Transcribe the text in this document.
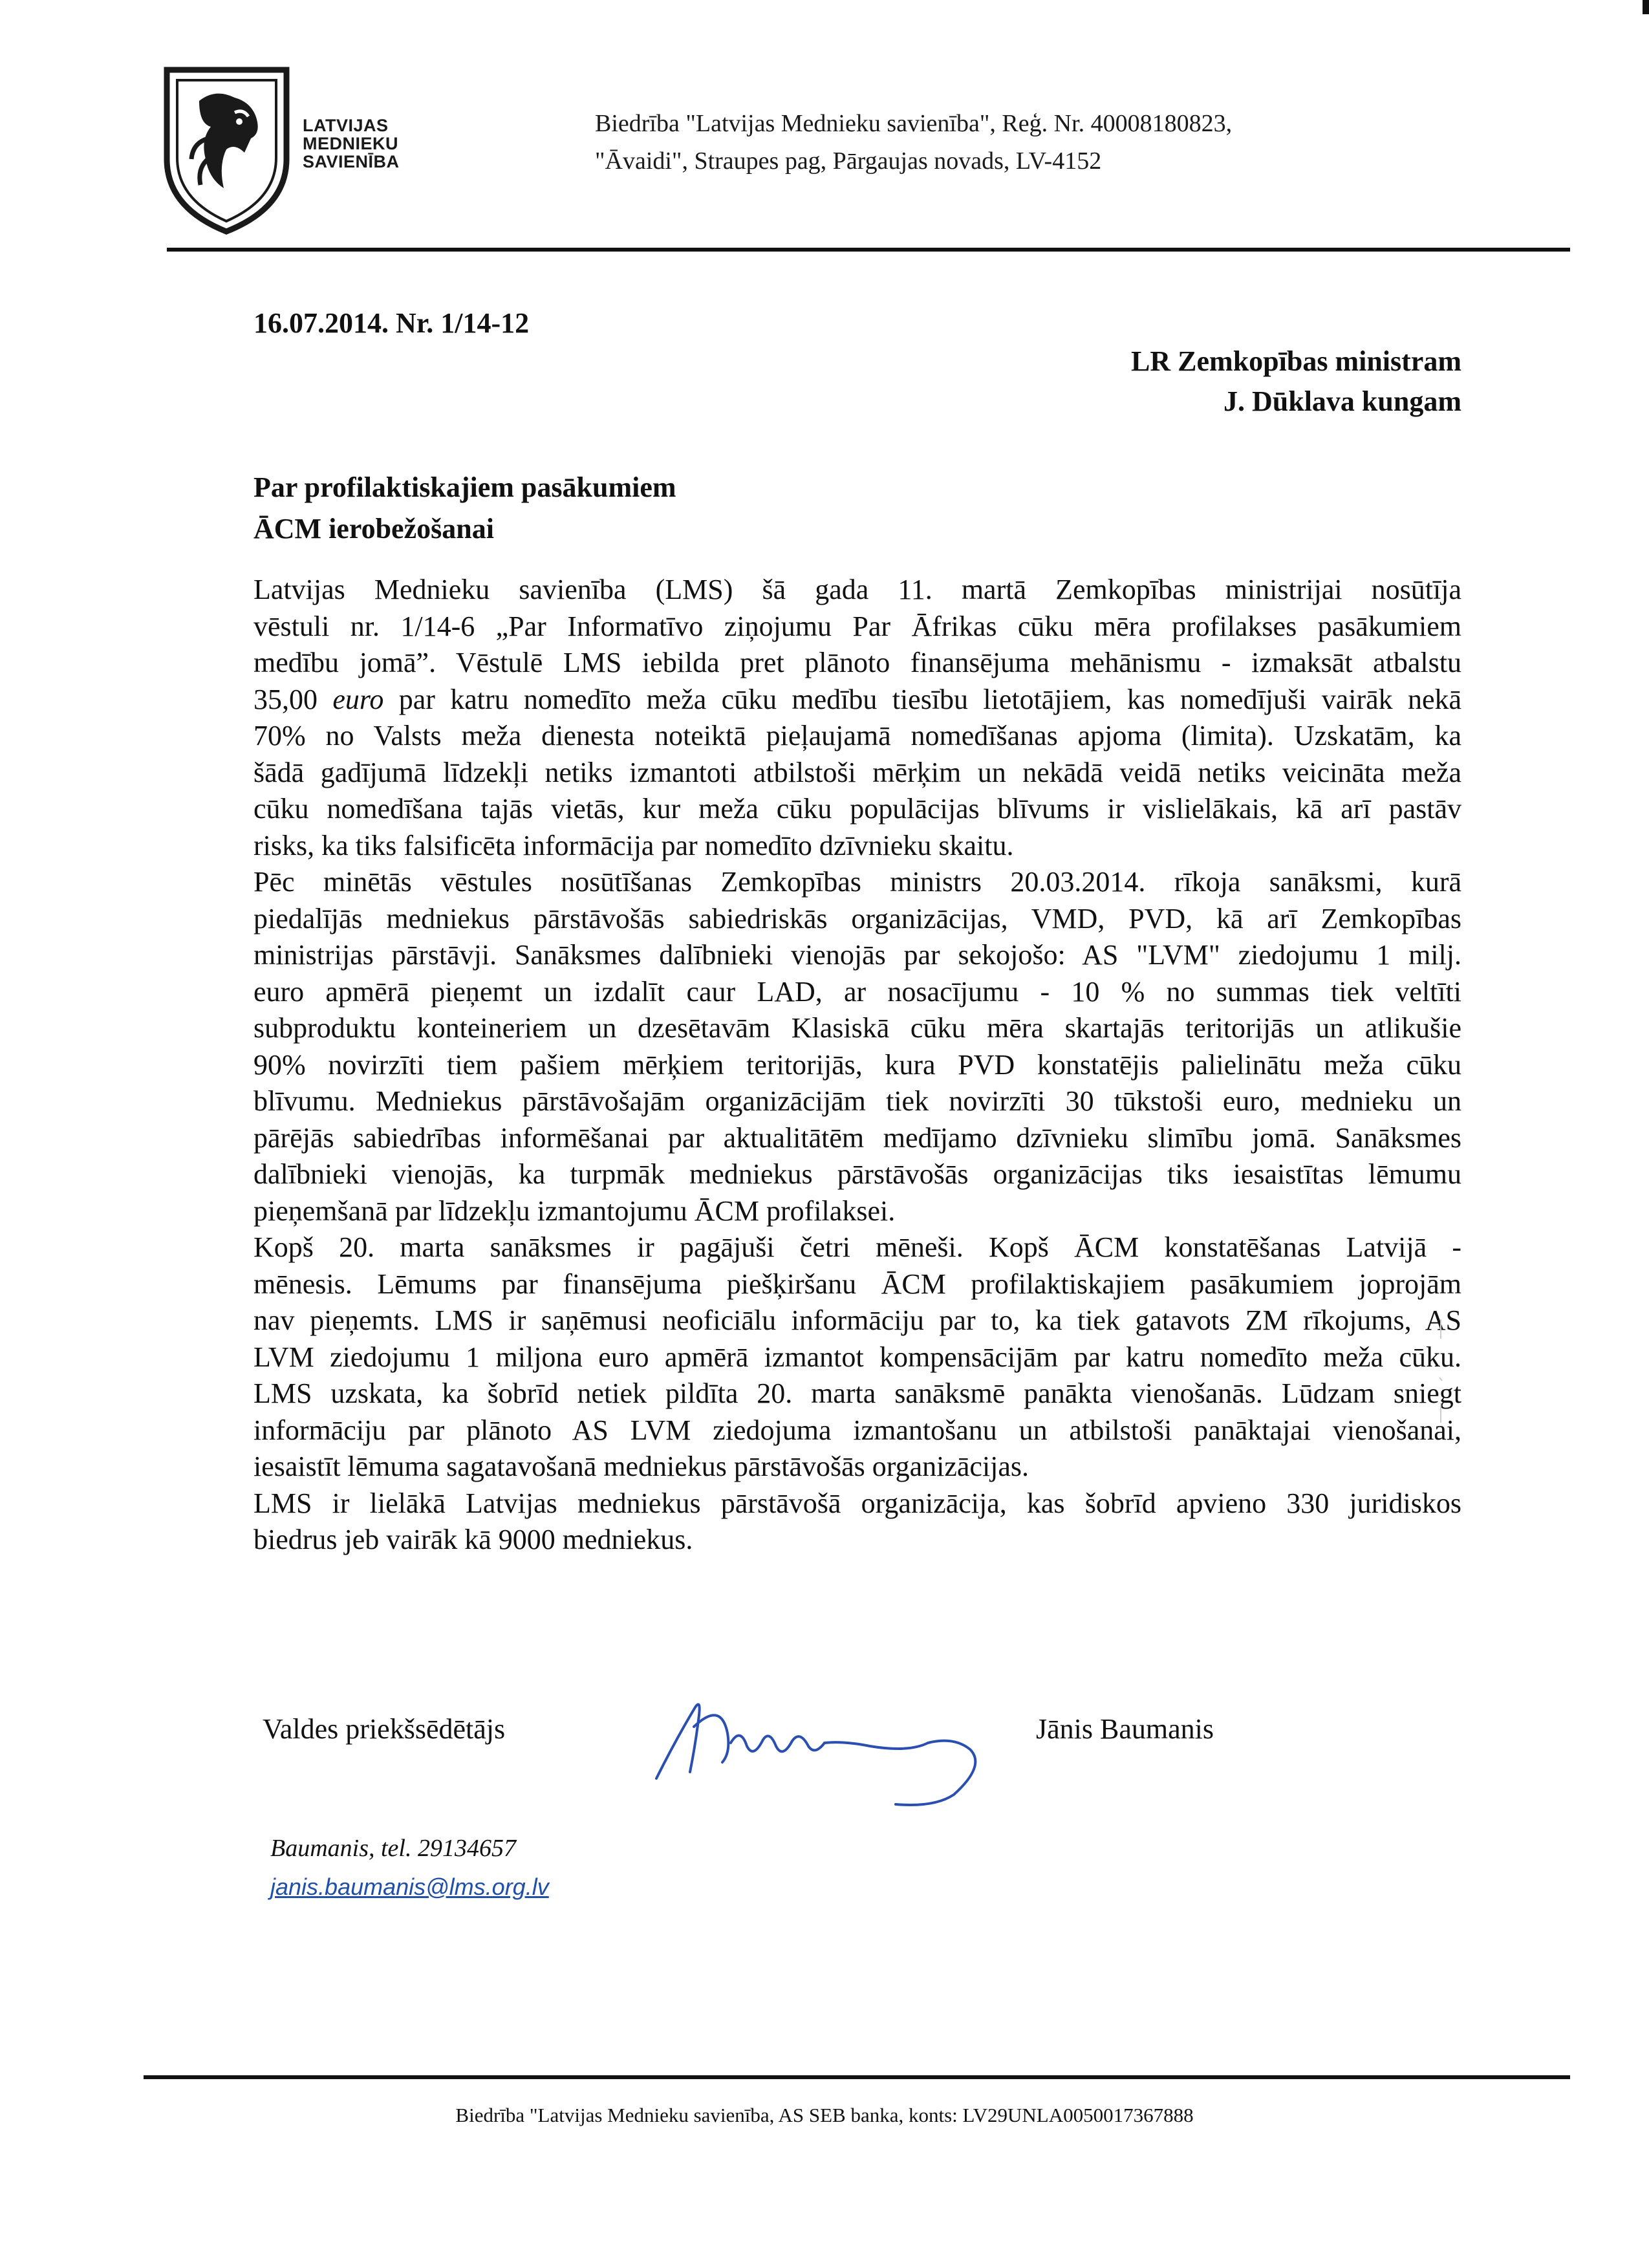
LATVIJAS
MEDNIEKU
SAVIENĪBA
Biedrība "Latvijas Mednieku savienība", Reģ. Nr. 40008180823,
"Āvaidi", Straupes pag, Pārgaujas novads, LV-4152
16.07.2014. Nr. 1/14-12
LR Zemkopības ministram
J. Dūklava kungam
Par profilaktiskajiem pasākumiem
ĀCM ierobežošanai
Latvijas Mednieku savienība (LMS) šā gada 11. martā Zemkopības ministrijai nosūtīja
vēstuli nr. 1/14-6 „Par Informatīvo ziņojumu Par Āfrikas cūku mēra profilakses pasākumiem
medību jomā”. Vēstulē LMS iebilda pret plānoto finansējuma mehānismu - izmaksāt atbalstu
35,00 euro par katru nomedīto meža cūku medību tiesību lietotājiem, kas nomedījuši vairāk nekā
70% no Valsts meža dienesta noteiktā pieļaujamā nomedīšanas apjoma (limita). Uzskatām, ka
šādā gadījumā līdzekļi netiks izmantoti atbilstoši mērķim un nekādā veidā netiks veicināta meža
cūku nomedīšana tajās vietās, kur meža cūku populācijas blīvums ir vislielākais, kā arī pastāv
risks, ka tiks falsificēta informācija par nomedīto dzīvnieku skaitu.
Pēc minētās vēstules nosūtīšanas Zemkopības ministrs 20.03.2014. rīkoja sanāksmi, kurā
piedalījās medniekus pārstāvošās sabiedriskās organizācijas, VMD, PVD, kā arī Zemkopības
ministrijas pārstāvji. Sanāksmes dalībnieki vienojās par sekojošo: AS "LVM" ziedojumu 1 milj.
euro apmērā pieņemt un izdalīt caur LAD, ar nosacījumu - 10 % no summas tiek veltīti
subproduktu konteineriem un dzesētavām Klasiskā cūku mēra skartajās teritorijās un atlikušie
90% novirzīti tiem pašiem mērķiem teritorijās, kura PVD konstatējis palielinātu meža cūku
blīvumu. Medniekus pārstāvošajām organizācijām tiek novirzīti 30 tūkstoši euro, mednieku un
pārējās sabiedrības informēšanai par aktualitātēm medījamo dzīvnieku slimību jomā. Sanāksmes
dalībnieki vienojās, ka turpmāk medniekus pārstāvošās organizācijas tiks iesaistītas lēmumu
pieņemšanā par līdzekļu izmantojumu ĀCM profilaksei.
Kopš 20. marta sanāksmes ir pagājuši četri mēneši. Kopš ĀCM konstatēšanas Latvijā -
mēnesis. Lēmums par finansējuma piešķiršanu ĀCM profilaktiskajiem pasākumiem joprojām
nav pieņemts. LMS ir saņēmusi neoficiālu informāciju par to, ka tiek gatavots ZM rīkojums, AS
LVM ziedojumu 1 miljona euro apmērā izmantot kompensācijām par katru nomedīto meža cūku.
LMS uzskata, ka šobrīd netiek pildīta 20. marta sanāksmē panākta vienošanās. Lūdzam sniegt
informāciju par plānoto AS LVM ziedojuma izmantošanu un atbilstoši panāktajai vienošanai,
iesaistīt lēmuma sagatavošanā medniekus pārstāvošās organizācijas.
LMS ir lielākā Latvijas medniekus pārstāvošā organizācija, kas šobrīd apvieno 330 juridiskos
biedrus jeb vairāk kā 9000 medniekus.
Valdes priekšsēdētājs	Jānis Baumanis
Baumanis, tel. 29134657
janis.baumanis@lms.org.lv
Biedrība "Latvijas Mednieku savienība, AS SEB banka, konts: LV29UNLA0050017367888
